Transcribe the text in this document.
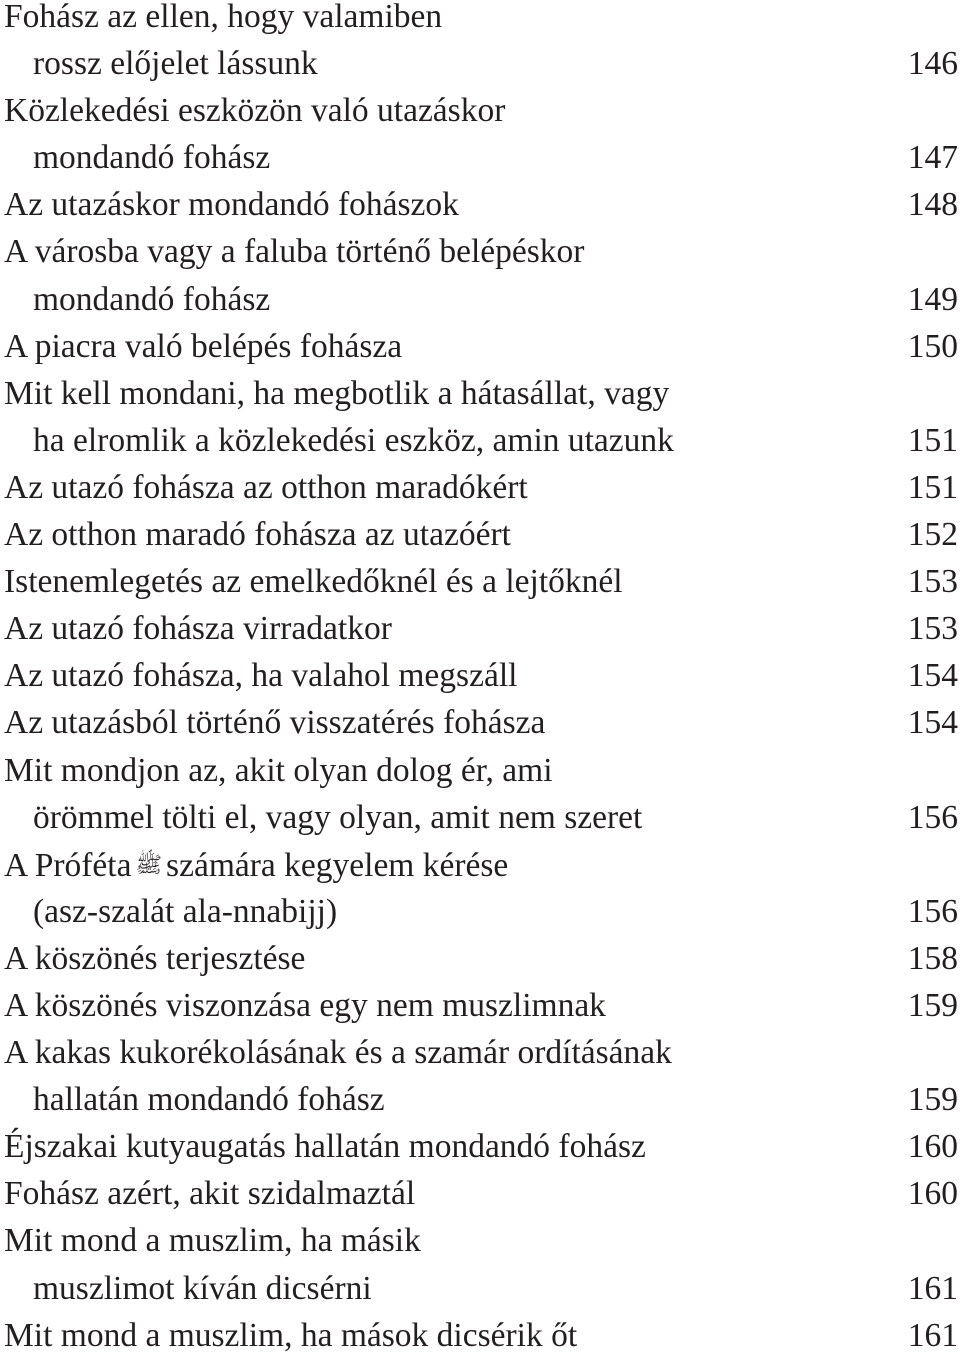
Fohász az ellen, hogy valamiben
rossz előjelet lássunk	146
Közlekedési eszközön való utazáskor
mondandó fohász	147
Az utazáskor mondandó fohászok	148
A városba vagy a faluba történő belépéskor
mondandó fohász	149
A piacra való belépés fohásza	150
Mit kell mondani, ha megbotlik a hátasállat, vagy
ha elromlik a közlekedési eszköz, amin utazunk	151
Az utazó fohásza az otthon maradókért	151
Az otthon maradó fohásza az utazóért	152
Istenemlegetés az emelkedőknél és a lejtőknél	153
Az utazó fohásza virradatkor	153
Az utazó fohásza, ha valahol megszáll	154
Az utazásból történő visszatérés fohásza	154
Mit mondjon az, akit olyan dolog ér, ami
örömmel tölti el, vagy olyan, amit nem szeret	156
A Próféta ﷺ számára kegyelem kérése
(asz-szalát ala-nnabijj)	156
A köszönés terjesztése	158
A köszönés viszonzása egy nem muszlimnak	159
A kakas kukorékolásának és a szamár ordításának
hallatán mondandó fohász	159
Éjszakai kutyaugatás hallatán mondandó fohász	160
Fohász azért, akit szidalmaztál	160
Mit mond a muszlim, ha másik
muszlimot kíván dicsérni	161
Mit mond a muszlim, ha mások dicsérik őt	161
